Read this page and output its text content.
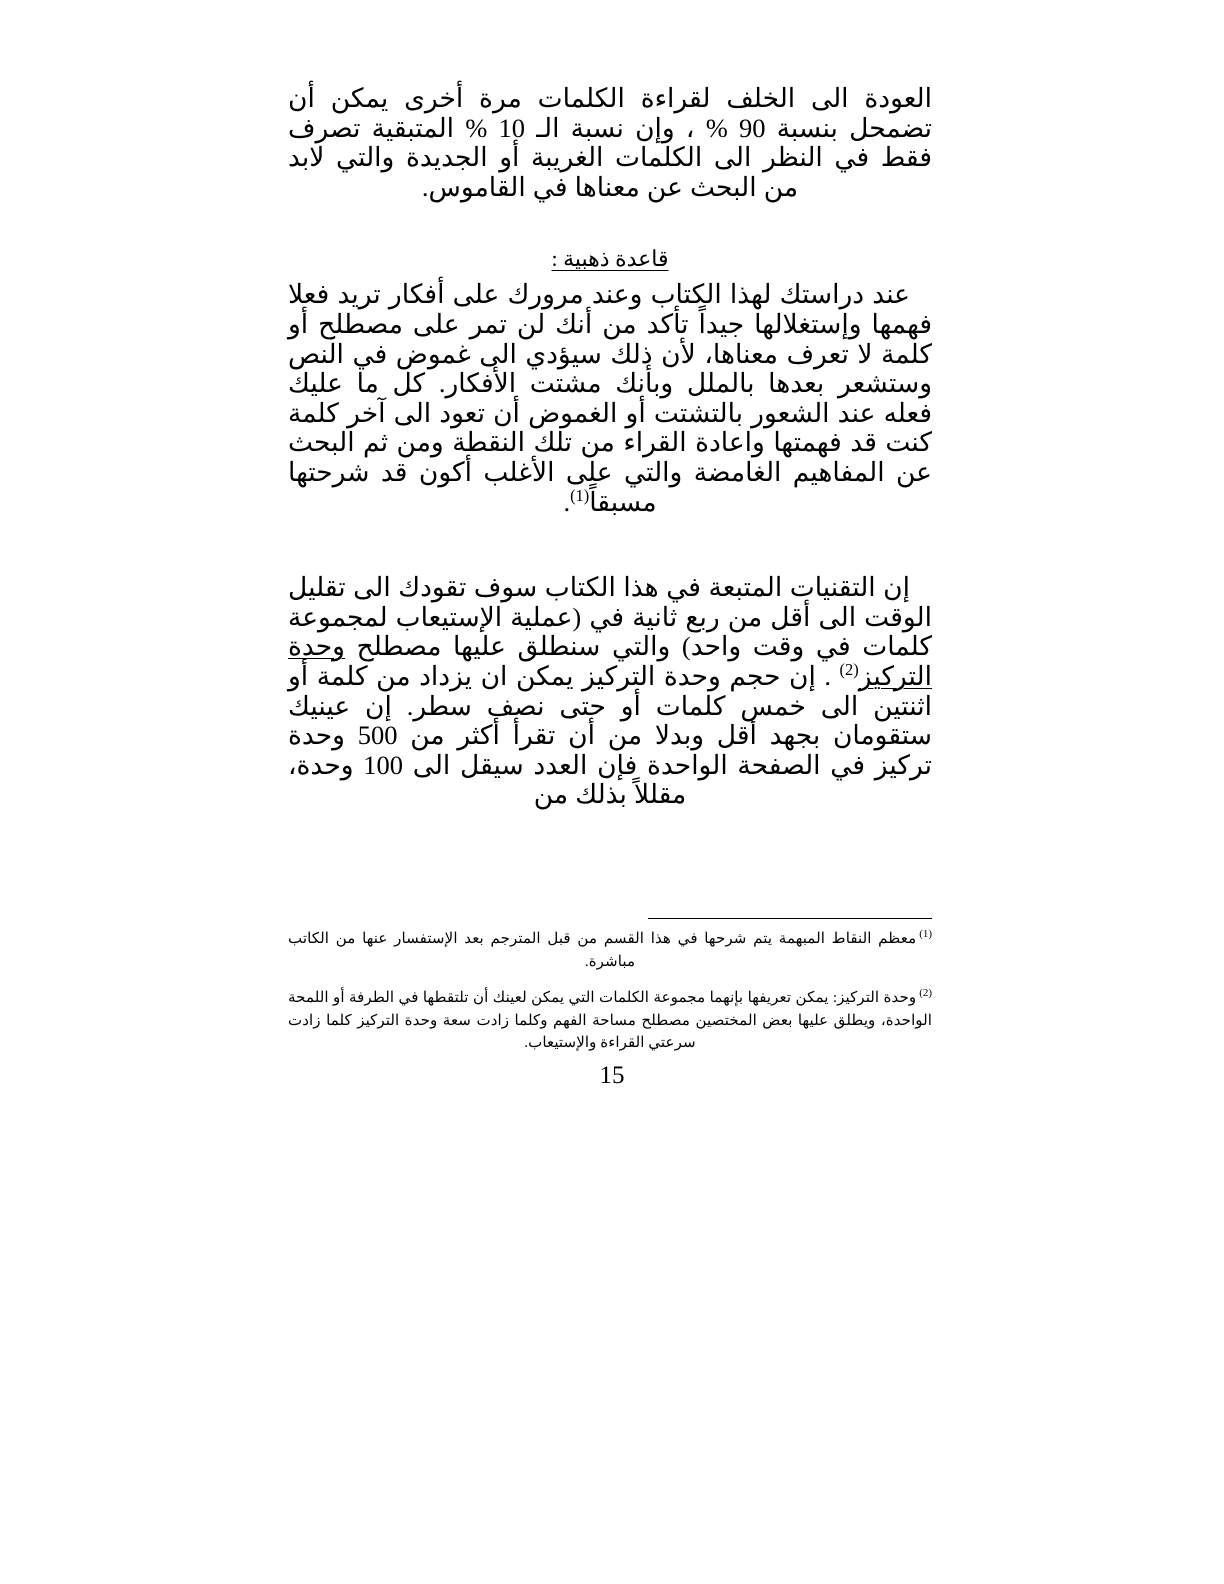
العودة الى الخلف لقراءة الكلمات مرة أخرى يمكن أن تضمحل بنسبة 90 % ، وإن نسبة الـ 10 % المتبقية تصرف فقط في النظر الى الكلمات الغريبة أو الجديدة والتي لابد من البحث عن معناها في القاموس.

قاعدة ذهبية :

عند دراستك لهذا الكتاب وعند مرورك على أفكار تريد فعلا فهمها وإستغلالها جيداً تأكد من أنك لن تمر على مصطلح أو كلمة لا تعرف معناها، لأن ذلك سيؤدي الى غموض في النص وستشعر بعدها بالملل وبأنك مشتت الأفكار. كل ما عليك فعله عند الشعور بالتشتت أو الغموض أن تعود الى آخر كلمة كنت قد فهمتها واعادة القراء من تلك النقطة ومن ثم البحث عن المفاهيم الغامضة والتي على الأغلب أكون قد شرحتها مسبقاً$^{(1)}$.

إن التقنيات المتبعة في هذا الكتاب سوف تقودك الى تقليل الوقت الى أقل من ربع ثانية في (عملية الإستيعاب لمجموعة كلمات في وقت واحد) والتي سنطلق عليها مصطلح وحدة التركيز$^{(2)}$ . إن حجم وحدة التركيز يمكن ان يزداد من كلمة أو اثنتين الى خمس كلمات أو حتى نصف سطر. إن عينيك ستقومان بجهد أقل وبدلا من أن تقرأ أكثر من 500 وحدة تركيز في الصفحة الواحدة فإن العدد سيقل الى 100 وحدة، مقللاً بذلك من

$^{(1)}$معظم النقاط المبهمة يتم شرحها في هذا القسم من قبل المترجم بعد الإستفسار عنها من الكاتب مباشرة.

$^{(2)}$وحدة التركيز: يمكن تعريفها بإنهما مجموعة الكلمات التي يمكن لعينك أن تلتقطها في الطرفة أو اللمحة الواحدة، ويطلق عليها بعض المختصين مصطلح مساحة الفهم وكلما زادت سعة وحدة التركيز كلما زادت سرعتي القراءة والإستيعاب.

15
